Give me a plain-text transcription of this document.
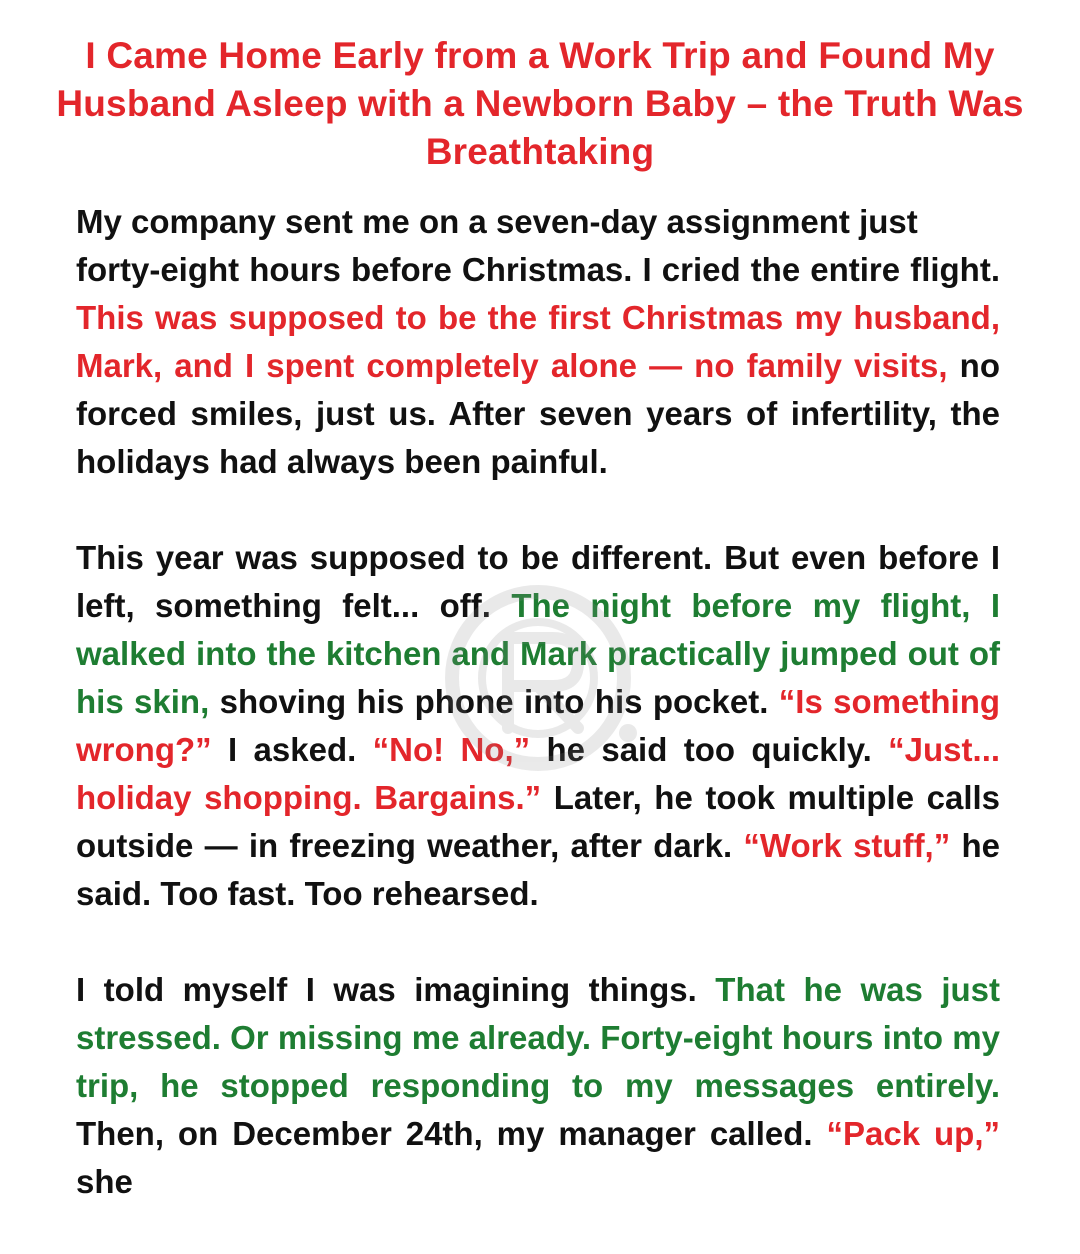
I Came Home Early from a Work Trip and Found My Husband Asleep with a Newborn Baby – the Truth Was Breathtaking

My company sent me on a seven-day assignment just
forty-eight hours before Christmas. I cried the entire flight. This was supposed to be the first Christmas my husband, Mark, and I spent completely alone — no family visits, no forced smiles, just us. After seven years of infertility, the holidays had always been painful.

This year was supposed to be different. But even before I left, something felt... off. The night before my flight, I walked into the kitchen and Mark practically jumped out of his skin, shoving his phone into his pocket. “Is something wrong?” I asked. “No! No,” he said too quickly. “Just... holiday shopping. Bargains.” Later, he took multiple calls outside — in freezing weather, after dark. “Work stuff,” he said. Too fast. Too rehearsed.

I told myself I was imagining things. That he was just stressed. Or missing me already. Forty-eight hours into my trip, he stopped responding to my messages entirely. Then, on December 24th, my manager called. “Pack up,” she
